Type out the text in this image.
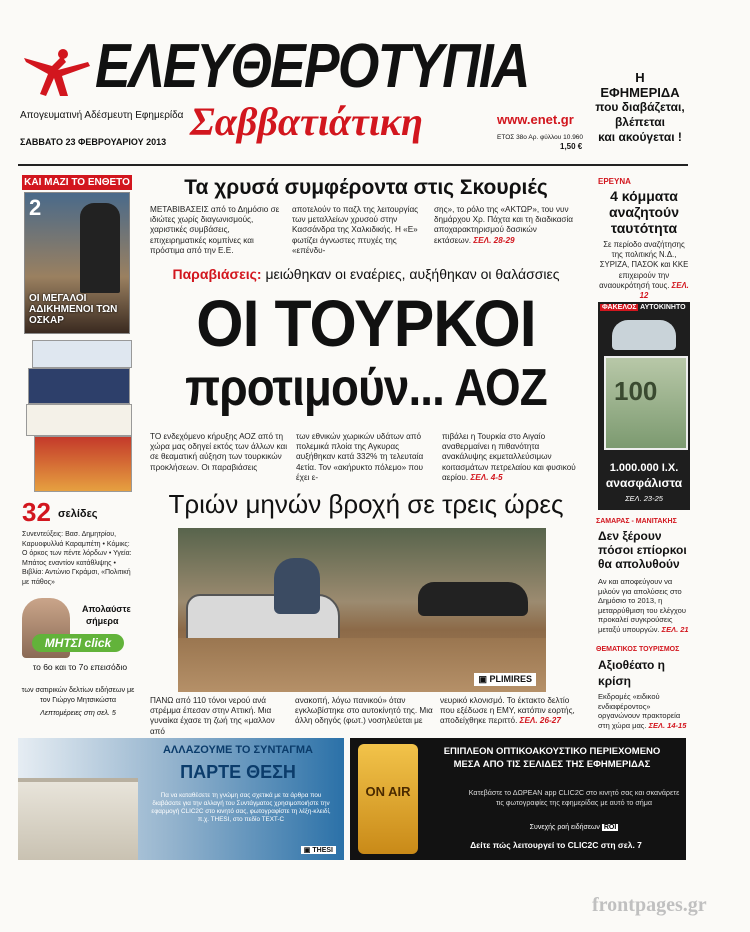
ΕΛΕΥΘΕΡΟΤΥΠΙΑ
Σαββατιάτικη
Απογευματινή Αδέσμευτη Εφημερίδα
ΣΑΒΒΑΤΟ 23 ΦΕΒΡΟΥΑΡΙΟΥ 2013
www.enet.gr
ΕΤΟΣ 38ο Αρ. φύλλου 10.960
1,50 €
Η ΕΦΗΜΕΡΙΔΑ
που διαβάζεται,
βλέπεται
και ακούγεται !
ΚΑΙ ΜΑΖΙ ΤΟ ΕΝΘΕΤΟ
2
ΟΙ ΜΕΓΑΛΟΙ ΑΔΙΚΗΜΕΝΟΙ ΤΩΝ ΟΣΚΑΡ
32 σελίδες
Συνεντεύξεις: Βασ. Δημητρίου, Καρυοφυλλιά Καραμπέτη • Κόμικς: Ο όρκος των πέντε λόρδων • Υγεία: Μπάτος εναντίον κατάθλιψης • Βιβλία: Αντώνιο Γκράμσι, «Πολιτική με πάθος»
Απολαύστε
σήμερα
ΜΗΤΣΙ click
το 6ο και το 7ο επεισόδιο
των σατιρικών δελτίων ειδήσεων με τον Γιώργο Μητσικώστα
Λεπτομέρειες στη σελ. 5
Τα χρυσά συμφέροντα στις Σκουριές
ΜΕΤΑΒΙΒΑΣΕΙΣ από το Δημόσιο σε ιδιώτες χωρίς διαγωνισμούς, χαριστικές συμβάσεις, επιχειρηματικές κομπίνες και πρόστιμα από την Ε.Ε.
αποτελούν το παζλ της λειτουργίας των μεταλλείων χρυσού στην Κασσάνδρα της Χαλκιδικής. Η «Ε» φωτίζει άγνωστες πτυχές της «επένδυ-
σης», το ρόλο της «ΑΚΤΩΡ», του νυν δημάρχου Χρ. Πάχτα και τη διαδικασία αποχαρακτηρισμού δασικών εκτάσεων. ΣΕΛ. 28-29
Παραβιάσεις: μειώθηκαν οι εναέριες, αυξήθηκαν οι θαλάσσιες
ΟΙ ΤΟΥΡΚΟΙ
προτιμούν... ΑΟΖ
ΤΟ ενδεχόμενο κήρυξης ΑΟΖ από τη χώρα μας οδηγεί εκτός των άλλων και σε θεαματική αύξηση των τουρκικών προκλήσεων. Οι παραβιάσεις
των εθνικών χωρικών υδάτων από πολεμικά πλοία της Αγκυρας αυξήθηκαν κατά 332% τη τελευταία 4ετία. Τον «ακήρυκτο πόλεμο» που έχει ε-
πιβάλει η Τουρκία στο Αιγαίο αναθερμαίνει η πιθανότητα ανακάλυψης εκμεταλλεύσιμων κοιτασμάτων πετρελαίου και φυσικού αερίου. ΣΕΛ. 4-5
Τριών μηνών βροχή σε τρεις ώρες
▣ PLIMIRES
ΠΑΝΩ από 110 τόνοι νερού ανά στρέμμα έπεσαν στην Αττική. Μια γυναίκα έχασε τη ζωή της «μαλλον από
ανακοπή, λόγω πανικού» όταν εγκλωβίστηκε στο αυτοκίνητό της. Μια άλλη οδηγός (φωτ.) νοσηλεύεται με
νευρικό κλονισμό. Το έκτακτο δελτίο που εξέδωσε η ΕΜΥ, κατόπιν εορτής, αποδείχθηκε περιττό. ΣΕΛ. 26-27
ΕΡΕΥΝΑ
4 κόμματα αναζητούν ταυτότητα
Σε περίοδο αναζήτησης της πολιτικής Ν.Δ., ΣΥΡΙΖΑ, ΠΑΣΟΚ και ΚΚΕ επιχειρούν την αναουκρότησή τους. ΣΕΛ. 12
ΦΑΚΕΛΟΣ ΑΥΤΟΚΙΝΗΤΟ
100
1.000.000 Ι.Χ.
ανασφάλιστα
ΣΕΛ. 23-25
ΣΑΜΑΡΑΣ - ΜΑΝΙΤΑΚΗΣ
Δεν ξέρουν πόσοι επίορκοι θα απολυθούν
Αν και αποφεύγουν να μιλούν για απολύσεις στο Δημόσιο το 2013, η μεταρρύθμιση του ελέγχου προκαλεί συγκρούσεις μεταξύ υπουργών. ΣΕΛ. 21
ΘΕΜΑΤΙΚΟΣ ΤΟΥΡΙΣΜΟΣ
Αξιοθέατο η κρίση
Εκδρομές «ειδικού ενδιαφέροντος» οργανώνουν πρακτορεία στη χώρα μας. ΣΕΛ. 14-15
ΑΛΛΑΖΟΥΜΕ ΤΟ ΣΥΝΤΑΓΜΑ
ΠΑΡΤΕ ΘΕΣΗ
Πα να καταθέσετε τη γνώμη σας σχετικά με τα άρθρα που διαβάσατε για την αλλαγή του Συντάγματος χρησιμοποιήστε την εφαρμογή CLIC2C στο κινητό σας, φωτογραφίστε τη λέξη-κλειδί, π.χ. THESI, στο πεδίο TEXT-C
▣ THESI
ON AIR
ΕΠΙΠΛΕΟΝ ΟΠΤΙΚΟΑΚΟΥΣΤΙΚΟ ΠΕΡΙΕΧΟΜΕΝΟ
ΜΕΣΑ ΑΠΟ ΤΙΣ ΣΕΛΙΔΕΣ ΤΗΣ ΕΦΗΜΕΡΙΔΑΣ
Κατεβάστε το ΔΩΡΕΑΝ app CLIC2C στο κινητό σας και σκανάρετε τις φωτογραφίες της εφημερίδας με αυτό το σήμα
Συνεχής ροή ειδήσεων ROI
Δείτε πώς λειτουργεί το CLIC2C στη σελ. 7
frontpages.gr
